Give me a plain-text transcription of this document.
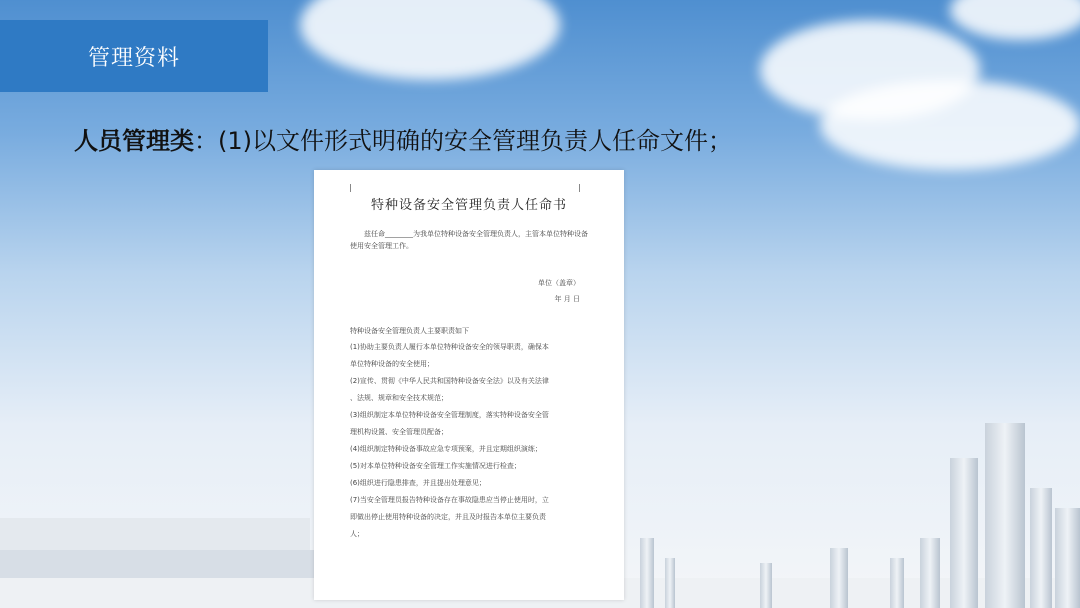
管理资料
人员管理类 ： (1)以文件形式明确的安全管理负责人任命文件；
特种设备安全管理负责人任命书
兹任命________为我单位特种设备安全管理负责人，主管本单位特种设备使用安全管理工作。
单位（盖章）
年 月 日
特种设备安全管理负责人主要职责如下
(1)协助主要负责人履行本单位特种设备安全的领导职责，确保本
单位特种设备的安全使用；
(2)宣传、贯彻《中华人民共和国特种设备安全法》以及有关法律
、法规、规章和安全技术规范；
(3)组织制定本单位特种设备安全管理制度，落实特种设备安全管
理机构设置、安全管理员配备；
(4)组织制定特种设备事故应急专项预案，并且定期组织演练；
(5)对本单位特种设备安全管理工作实施情况进行检查；
(6)组织进行隐患排查，并且提出处理意见；
(7)当安全管理员报告特种设备存在事故隐患应当停止使用时，立
即做出停止使用特种设备的决定，并且及时报告本单位主要负责
人；
